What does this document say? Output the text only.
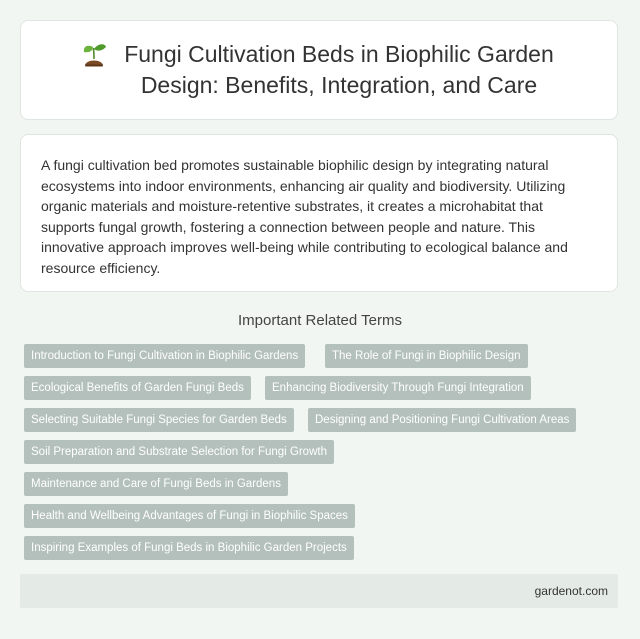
Fungi Cultivation Beds in Biophilic Garden Design: Benefits, Integration, and Care

A fungi cultivation bed promotes sustainable biophilic design by integrating natural ecosystems into indoor environments, enhancing air quality and biodiversity. Utilizing organic materials and moisture-retentive substrates, it creates a microhabitat that supports fungal growth, fostering a connection between people and nature. This innovative approach improves well-being while contributing to ecological balance and resource efficiency.

Important Related Terms
Introduction to Fungi Cultivation in Biophilic Gardens	The Role of Fungi in Biophilic Design
Ecological Benefits of Garden Fungi Beds	Enhancing Biodiversity Through Fungi Integration
Selecting Suitable Fungi Species for Garden Beds	Designing and Positioning Fungi Cultivation Areas
Soil Preparation and Substrate Selection for Fungi Growth
Maintenance and Care of Fungi Beds in Gardens
Health and Wellbeing Advantages of Fungi in Biophilic Spaces
Inspiring Examples of Fungi Beds in Biophilic Garden Projects
gardenot.com
